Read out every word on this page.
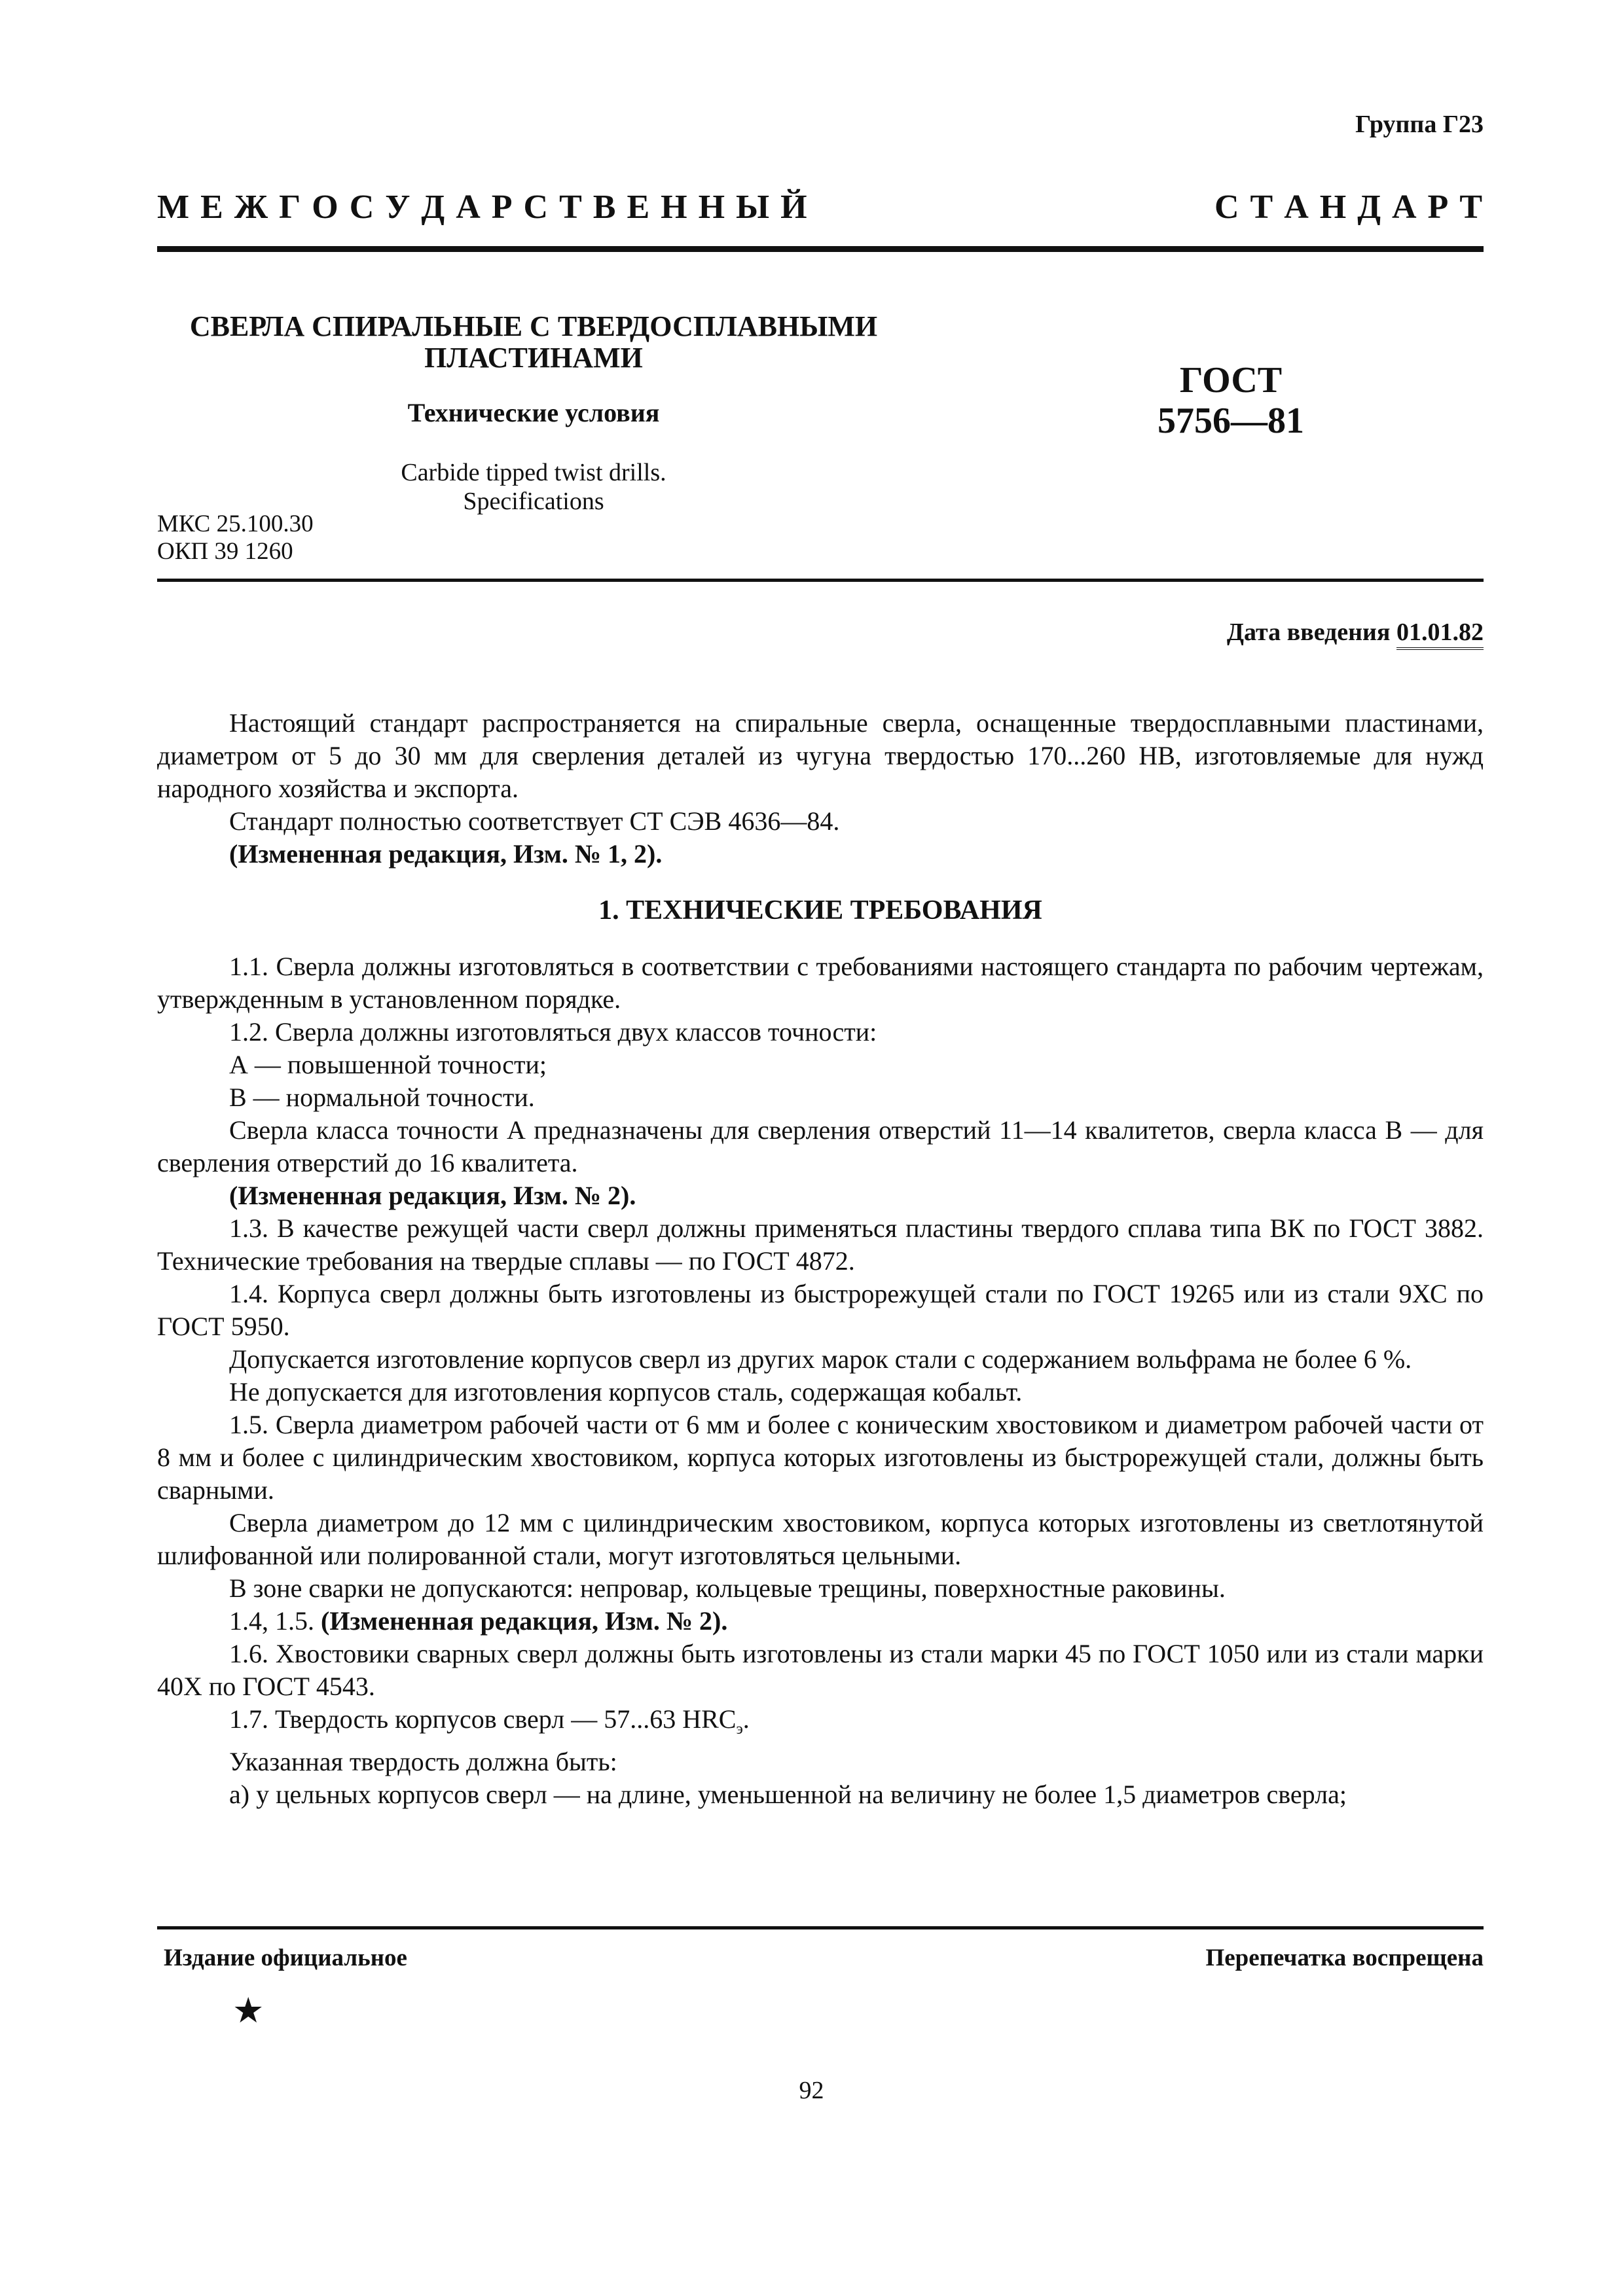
Группа Г23
М Е Ж Г О С У Д А Р С Т В Е Н Н Ы Й	С Т А Н Д А Р Т
СВЕРЛА СПИРАЛЬНЫЕ С ТВЕРДОСПЛАВНЫМИ
ПЛАСТИНАМИ
Технические условия
Carbide tipped twist drills.
Specifications
ГОСТ
5756—81
МКС 25.100.30
ОКП 39 1260
Дата введения 01.01.82

Настоящий стандарт распространяется на спиральные сверла, оснащенные твердосплавными пластинами, диаметром от 5 до 30 мм для сверления деталей из чугуна твердостью 170...260 НВ, изготовляемые для нужд народного хозяйства и экспорта.

Стандарт полностью соответствует СТ СЭВ 4636—84.

(Измененная редакция, Изм. № 1, 2).

1. ТЕХНИЧЕСКИЕ ТРЕБОВАНИЯ

1.1. Сверла должны изготовляться в соответствии с требованиями настоящего стандарта по рабочим чертежам, утвержденным в установленном порядке.

1.2. Сверла должны изготовляться двух классов точности:

А — повышенной точности;

В — нормальной точности.

Сверла класса точности А предназначены для сверления отверстий 11—14 квалитетов, сверла класса В — для сверления отверстий до 16 квалитета.

(Измененная редакция, Изм. № 2).

1.3. В качестве режущей части сверл должны применяться пластины твердого сплава типа ВК по ГОСТ 3882. Технические требования на твердые сплавы — по ГОСТ 4872.

1.4. Корпуса сверл должны быть изготовлены из быстрорежущей стали по ГОСТ 19265 или из стали 9ХС по ГОСТ 5950.

Допускается изготовление корпусов сверл из других марок стали с содержанием вольфрама не более 6 %.

Не допускается для изготовления корпусов сталь, содержащая кобальт.

1.5. Сверла диаметром рабочей части от 6 мм и более с коническим хвостовиком и диаметром рабочей части от 8 мм и более с цилиндрическим хвостовиком, корпуса которых изготовлены из быстрорежущей стали, должны быть сварными.

Сверла диаметром до 12 мм с цилиндрическим хвостовиком, корпуса которых изготовлены из светлотянутой шлифованной или полированной стали, могут изготовляться цельными.

В зоне сварки не допускаются: непровар, кольцевые трещины, поверхностные раковины.

1.4, 1.5. (Измененная редакция, Изм. № 2).

1.6. Хвостовики сварных сверл должны быть изготовлены из стали марки 45 по ГОСТ 1050 или из стали марки 40Х по ГОСТ 4543.

1.7. Твердость корпусов сверл — 57...63 $HRC_э$.

Указанная твердость должна быть:

а) у цельных корпусов сверл — на длине, уменьшенной на величину не более 1,5 диаметров сверла;

Издание официальное	Перепечатка воспрещена
★
92
